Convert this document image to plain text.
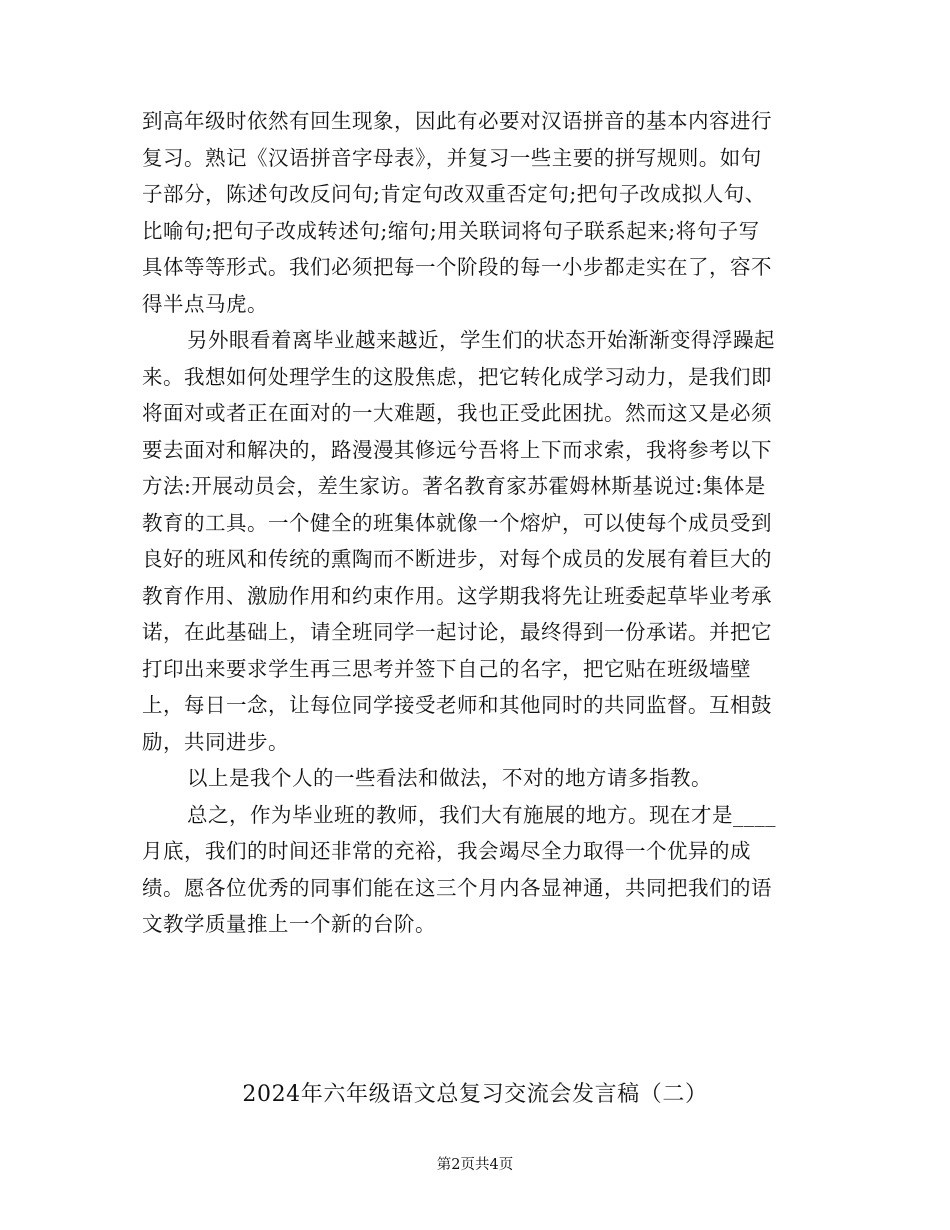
到高年级时依然有回生现象，因此有必要对汉语拼音的基本内容进行
复习。熟记《汉语拼音字母表》，并复习一些主要的拼写规则。如句
子部分，陈述句改反问句;肯定句改双重否定句;把句子改成拟人句、
比喻句;把句子改成转述句;缩句;用关联词将句子联系起来;将句子写
具体等等形式。我们必须把每一个阶段的每一小步都走实在了，容不
得半点马虎。
另外眼看着离毕业越来越近，学生们的状态开始渐渐变得浮躁起
来。我想如何处理学生的这股焦虑，把它转化成学习动力，是我们即
将面对或者正在面对的一大难题，我也正受此困扰。然而这又是必须
要去面对和解决的，路漫漫其修远兮吾将上下而求索，我将参考以下
方法:开展动员会，差生家访。著名教育家苏霍姆林斯基说过:集体是
教育的工具。一个健全的班集体就像一个熔炉，可以使每个成员受到
良好的班风和传统的熏陶而不断进步，对每个成员的发展有着巨大的
教育作用、激励作用和约束作用。这学期我将先让班委起草毕业考承
诺，在此基础上，请全班同学一起讨论，最终得到一份承诺。并把它
打印出来要求学生再三思考并签下自己的名字，把它贴在班级墙壁
上，每日一念，让每位同学接受老师和其他同时的共同监督。互相鼓
励，共同进步。
以上是我个人的一些看法和做法，不对的地方请多指教。
总之，作为毕业班的教师，我们大有施展的地方。现在才是____
月底，我们的时间还非常的充裕，我会竭尽全力取得一个优异的成
绩。愿各位优秀的同事们能在这三个月内各显神通，共同把我们的语
文教学质量推上一个新的台阶。
2024年六年级语文总复习交流会发言稿（二）
第2页共4页
